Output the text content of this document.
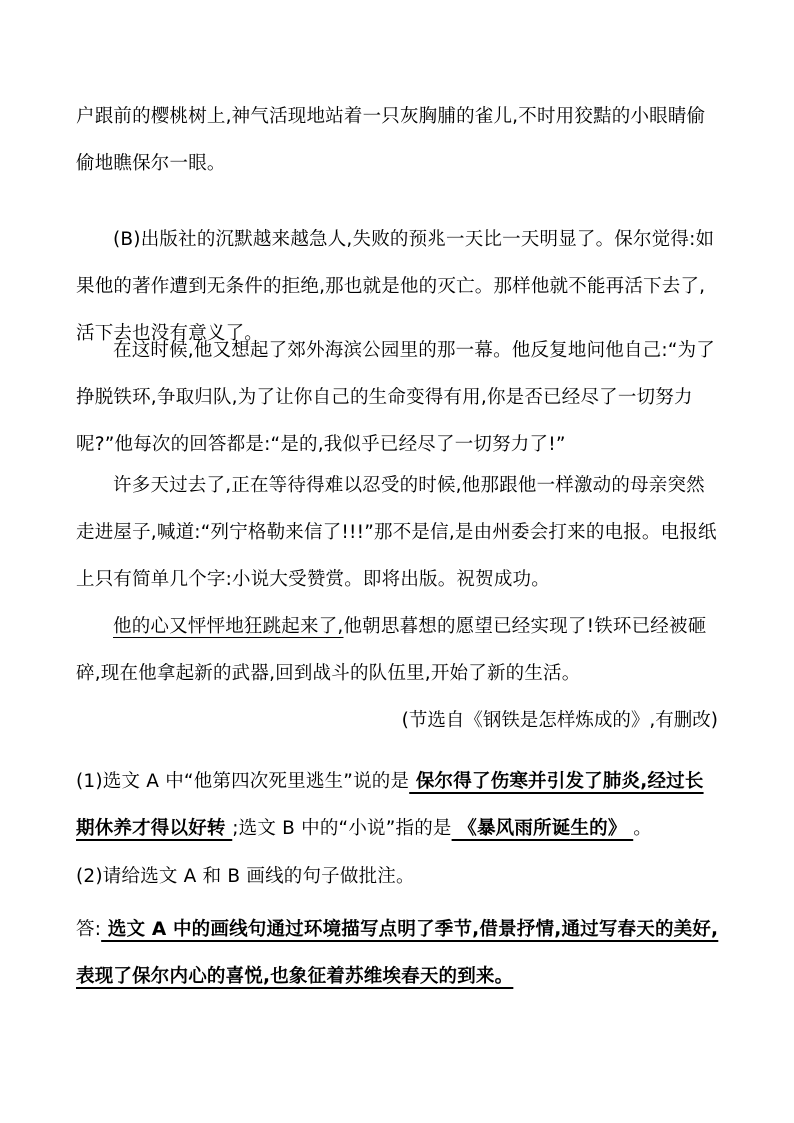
户跟前的樱桃树上,神气活现地站着一只灰胸脯的雀儿,不时用狡黠的小眼睛偷偷地瞧保尔一眼。

(B)出版社的沉默越来越急人,失败的预兆一天比一天明显了。保尔觉得:如果他的著作遭到无条件的拒绝,那也就是他的灭亡。那样他就不能再活下去了,活下去也没有意义了。

在这时候,他又想起了郊外海滨公园里的那一幕。他反复地问他自己:“为了挣脱铁环,争取归队,为了让你自己的生命变得有用,你是否已经尽了一切努力呢?”他每次的回答都是:“是的,我似乎已经尽了一切努力了!”

许多天过去了,正在等待得难以忍受的时候,他那跟他一样激动的母亲突然走进屋子,喊道:“列宁格勒来信了!!!”那不是信,是由州委会打来的电报。电报纸上只有简单几个字:小说大受赞赏。即将出版。祝贺成功。

他的心又怦怦地狂跳起来了,他朝思暮想的愿望已经实现了!铁环已经被砸碎,现在他拿起新的武器,回到战斗的队伍里,开始了新的生活。

(节选自《钢铁是怎样炼成的》,有删改)

(1)选文 A 中“他第四次死里逃生”说的是 保尔得了伤寒并引发了肺炎,经过长期休养才得以好转 ;选文 B 中的“小说”指的是 《暴风雨所诞生的》 。

(2)请给选文 A 和 B 画线的句子做批注。

答: 选文 A 中的画线句通过环境描写点明了季节,借景抒情,通过写春天的美好,表现了保尔内心的喜悦,也象征着苏维埃春天的到来。
